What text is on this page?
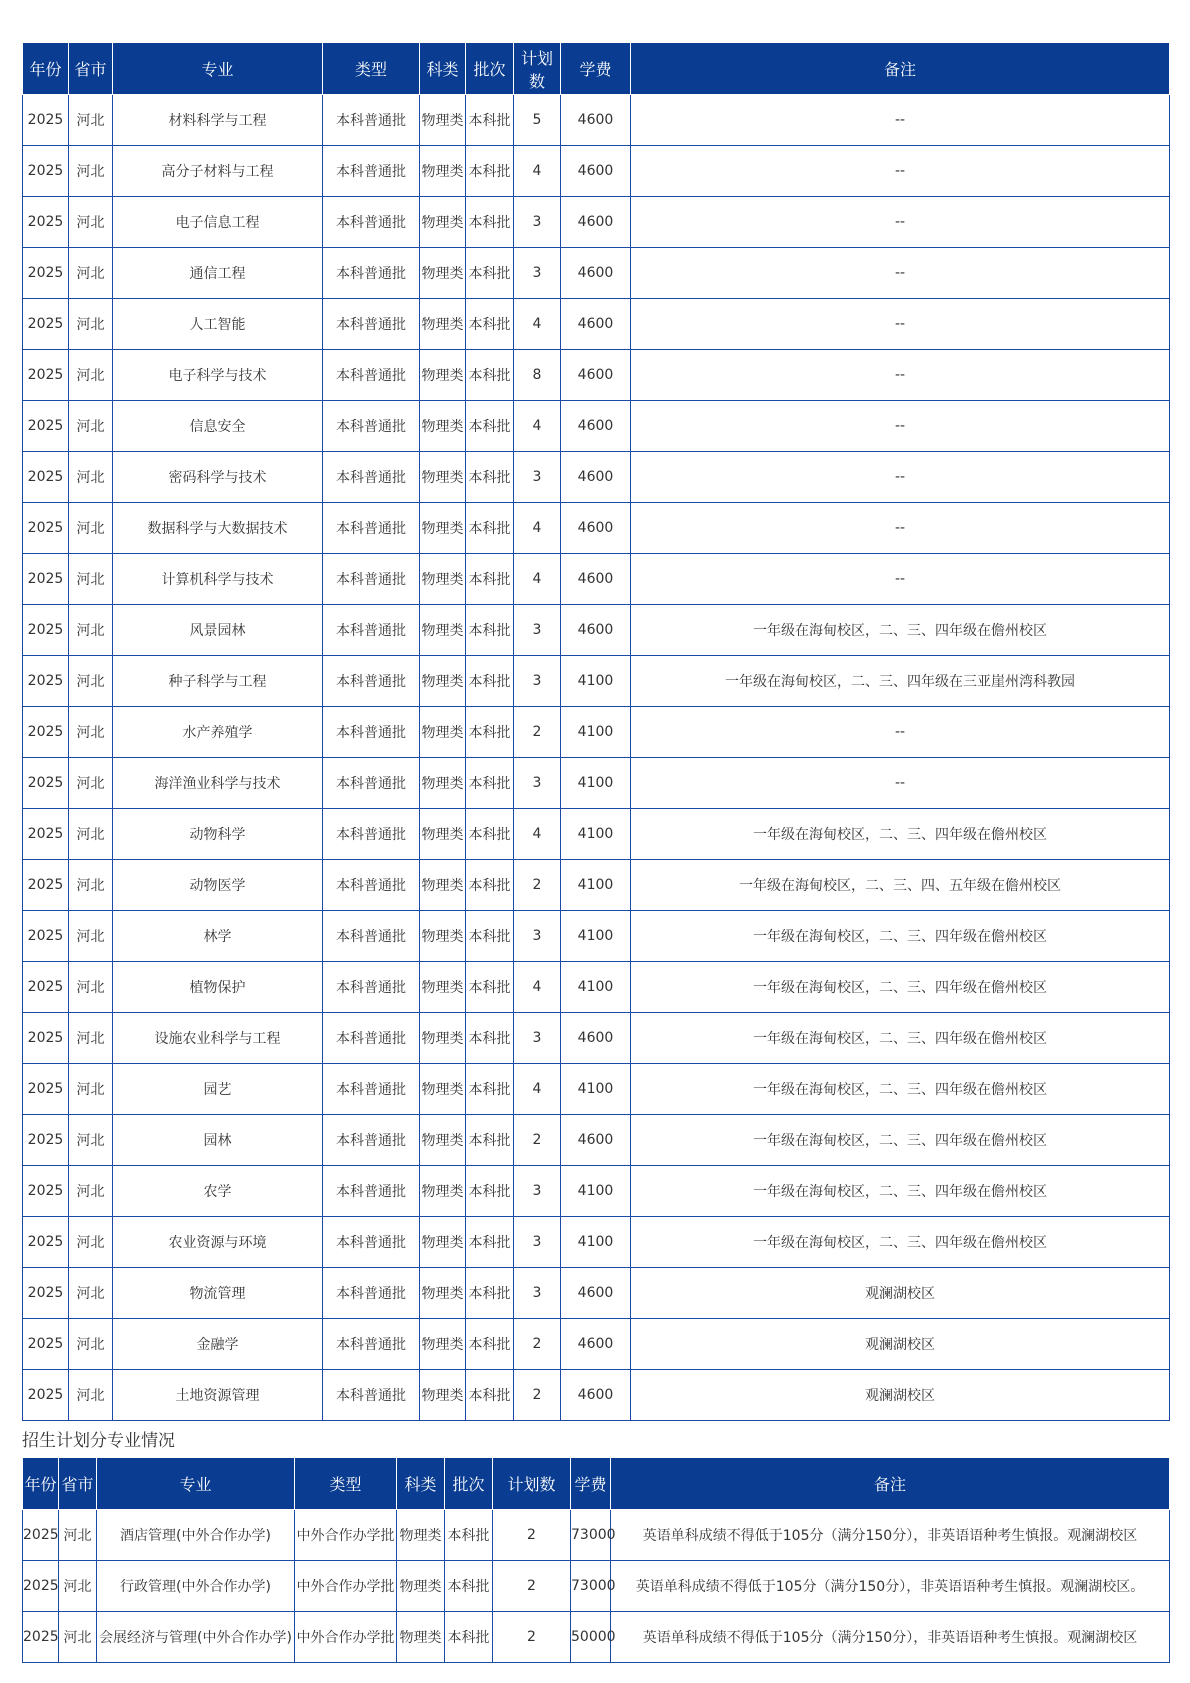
年份	省市	专业	类型	科类	批次	计划数	学费	备注
2025	河北	材料科学与工程	本科普通批	物理类	本科批	5	4600	--
2025	河北	高分子材料与工程	本科普通批	物理类	本科批	4	4600	--
2025	河北	电子信息工程	本科普通批	物理类	本科批	3	4600	--
2025	河北	通信工程	本科普通批	物理类	本科批	3	4600	--
2025	河北	人工智能	本科普通批	物理类	本科批	4	4600	--
2025	河北	电子科学与技术	本科普通批	物理类	本科批	8	4600	--
2025	河北	信息安全	本科普通批	物理类	本科批	4	4600	--
2025	河北	密码科学与技术	本科普通批	物理类	本科批	3	4600	--
2025	河北	数据科学与大数据技术	本科普通批	物理类	本科批	4	4600	--
2025	河北	计算机科学与技术	本科普通批	物理类	本科批	4	4600	--
2025	河北	风景园林	本科普通批	物理类	本科批	3	4600	一年级在海甸校区，二、三、四年级在儋州校区
2025	河北	种子科学与工程	本科普通批	物理类	本科批	3	4100	一年级在海甸校区，二、三、四年级在三亚崖州湾科教园
2025	河北	水产养殖学	本科普通批	物理类	本科批	2	4100	--
2025	河北	海洋渔业科学与技术	本科普通批	物理类	本科批	3	4100	--
2025	河北	动物科学	本科普通批	物理类	本科批	4	4100	一年级在海甸校区，二、三、四年级在儋州校区
2025	河北	动物医学	本科普通批	物理类	本科批	2	4100	一年级在海甸校区，二、三、四、五年级在儋州校区
2025	河北	林学	本科普通批	物理类	本科批	3	4100	一年级在海甸校区，二、三、四年级在儋州校区
2025	河北	植物保护	本科普通批	物理类	本科批	4	4100	一年级在海甸校区，二、三、四年级在儋州校区
2025	河北	设施农业科学与工程	本科普通批	物理类	本科批	3	4600	一年级在海甸校区，二、三、四年级在儋州校区
2025	河北	园艺	本科普通批	物理类	本科批	4	4100	一年级在海甸校区，二、三、四年级在儋州校区
2025	河北	园林	本科普通批	物理类	本科批	2	4600	一年级在海甸校区，二、三、四年级在儋州校区
2025	河北	农学	本科普通批	物理类	本科批	3	4100	一年级在海甸校区，二、三、四年级在儋州校区
2025	河北	农业资源与环境	本科普通批	物理类	本科批	3	4100	一年级在海甸校区，二、三、四年级在儋州校区
2025	河北	物流管理	本科普通批	物理类	本科批	3	4600	观澜湖校区
2025	河北	金融学	本科普通批	物理类	本科批	2	4600	观澜湖校区
2025	河北	土地资源管理	本科普通批	物理类	本科批	2	4600	观澜湖校区
招生计划分专业情况
年份	省市	专业	类型	科类	批次	计划数	学费	备注
2025	河北	酒店管理(中外合作办学)	中外合作办学批	物理类	本科批	2	73000	英语单科成绩不得低于105分（满分150分），非英语语种考生慎报。观澜湖校区
2025	河北	行政管理(中外合作办学)	中外合作办学批	物理类	本科批	2	73000	英语单科成绩不得低于105分（满分150分），非英语语种考生慎报。观澜湖校区。
2025	河北	会展经济与管理(中外合作办学)	中外合作办学批	物理类	本科批	2	50000	英语单科成绩不得低于105分（满分150分），非英语语种考生慎报。观澜湖校区
